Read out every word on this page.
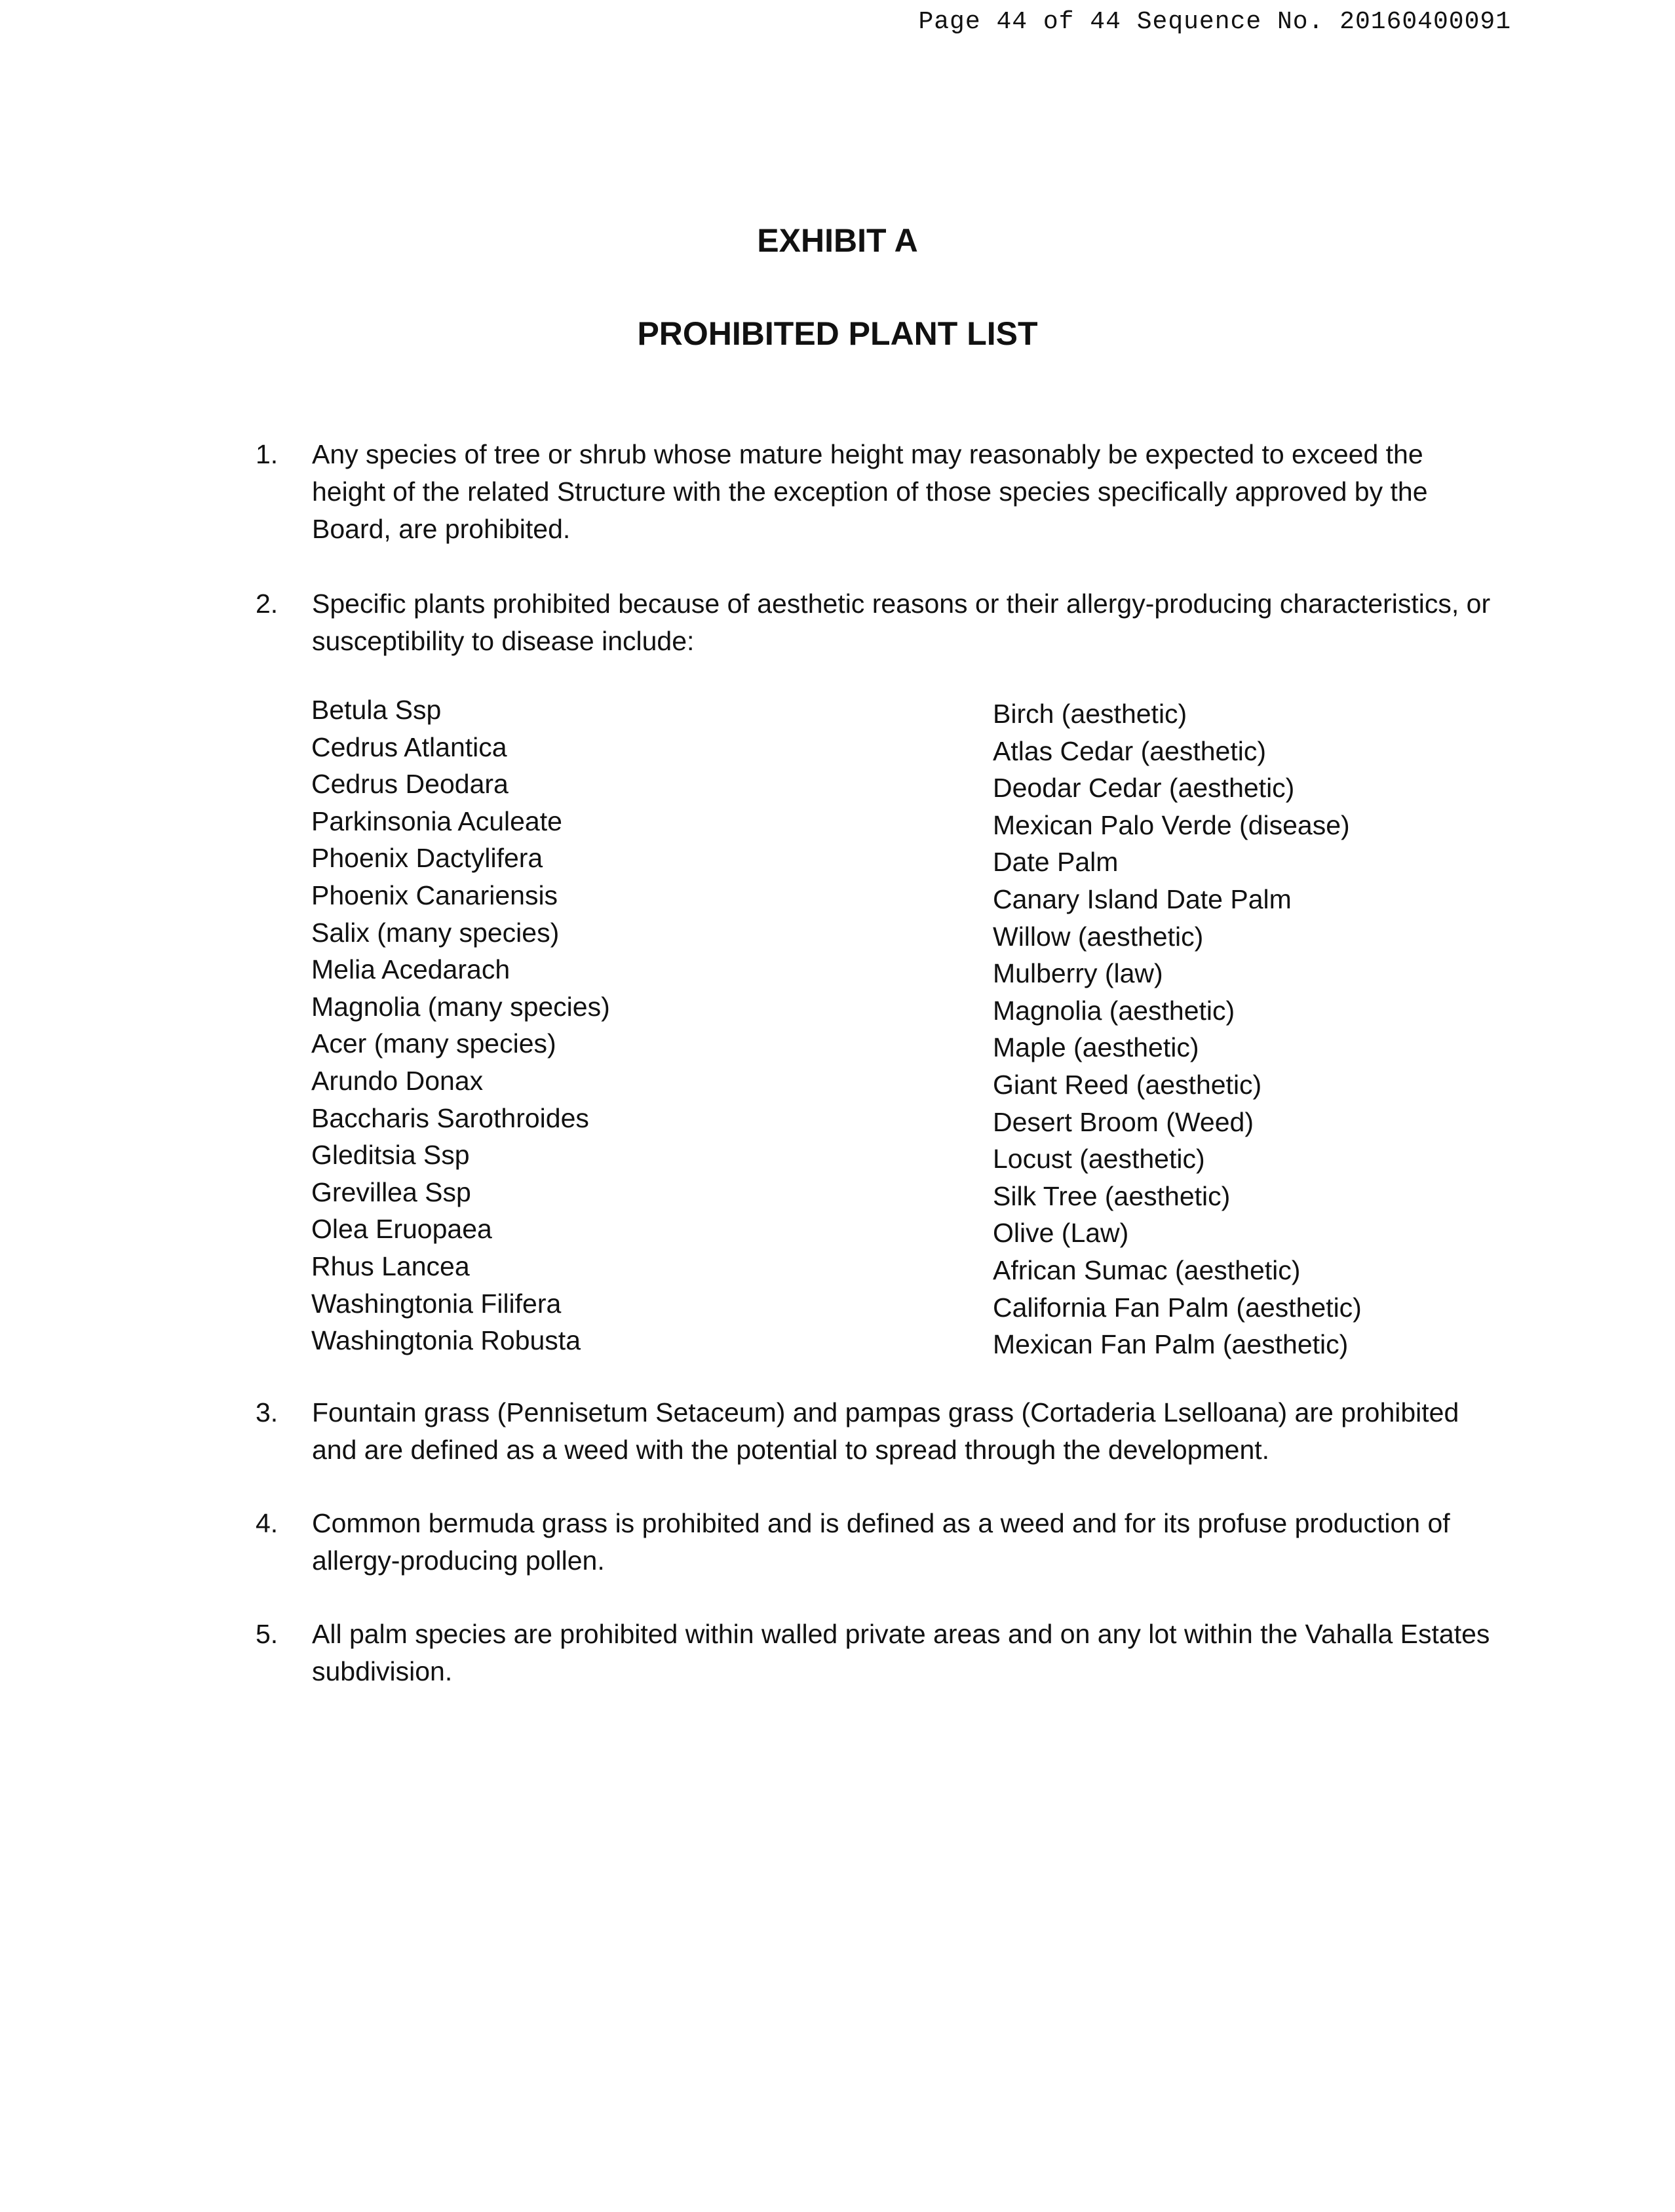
Page 44 of 44 Sequence No. 20160400091
EXHIBIT A
PROHIBITED PLANT LIST
1. Any species of tree or shrub whose mature height may reasonably be expected to exceed the height of the related Structure with the exception of those species specifically approved by the Board, are prohibited.
2. Specific plants prohibited because of aesthetic reasons or their allergy-producing characteristics, or susceptibility to disease include:
Betula Ssp	Birch (aesthetic)
Cedrus Atlantica	Atlas Cedar (aesthetic)
Cedrus Deodara	Deodar Cedar (aesthetic)
Parkinsonia Aculeate	Mexican Palo Verde (disease)
Phoenix Dactylifera	Date Palm
Phoenix Canariensis	Canary Island Date Palm
Salix (many species)	Willow (aesthetic)
Melia Acedarach	Mulberry (law)
Magnolia (many species)	Magnolia (aesthetic)
Acer (many species)	Maple (aesthetic)
Arundo Donax	Giant Reed (aesthetic)
Baccharis Sarothroides	Desert Broom (Weed)
Gleditsia Ssp	Locust (aesthetic)
Grevillea Ssp	Silk Tree (aesthetic)
Olea Eruopaea	Olive (Law)
Rhus Lancea	African Sumac (aesthetic)
Washingtonia Filifera	California Fan Palm (aesthetic)
Washingtonia Robusta	Mexican Fan Palm (aesthetic)
3. Fountain grass (Pennisetum Setaceum) and pampas grass (Cortaderia Lselloana) are prohibited and are defined as a weed with the potential to spread through the development.
4. Common bermuda grass is prohibited and is defined as a weed and for its profuse production of allergy-producing pollen.
5. All palm species are prohibited within walled private areas and on any lot within the Vahalla Estates subdivision.
